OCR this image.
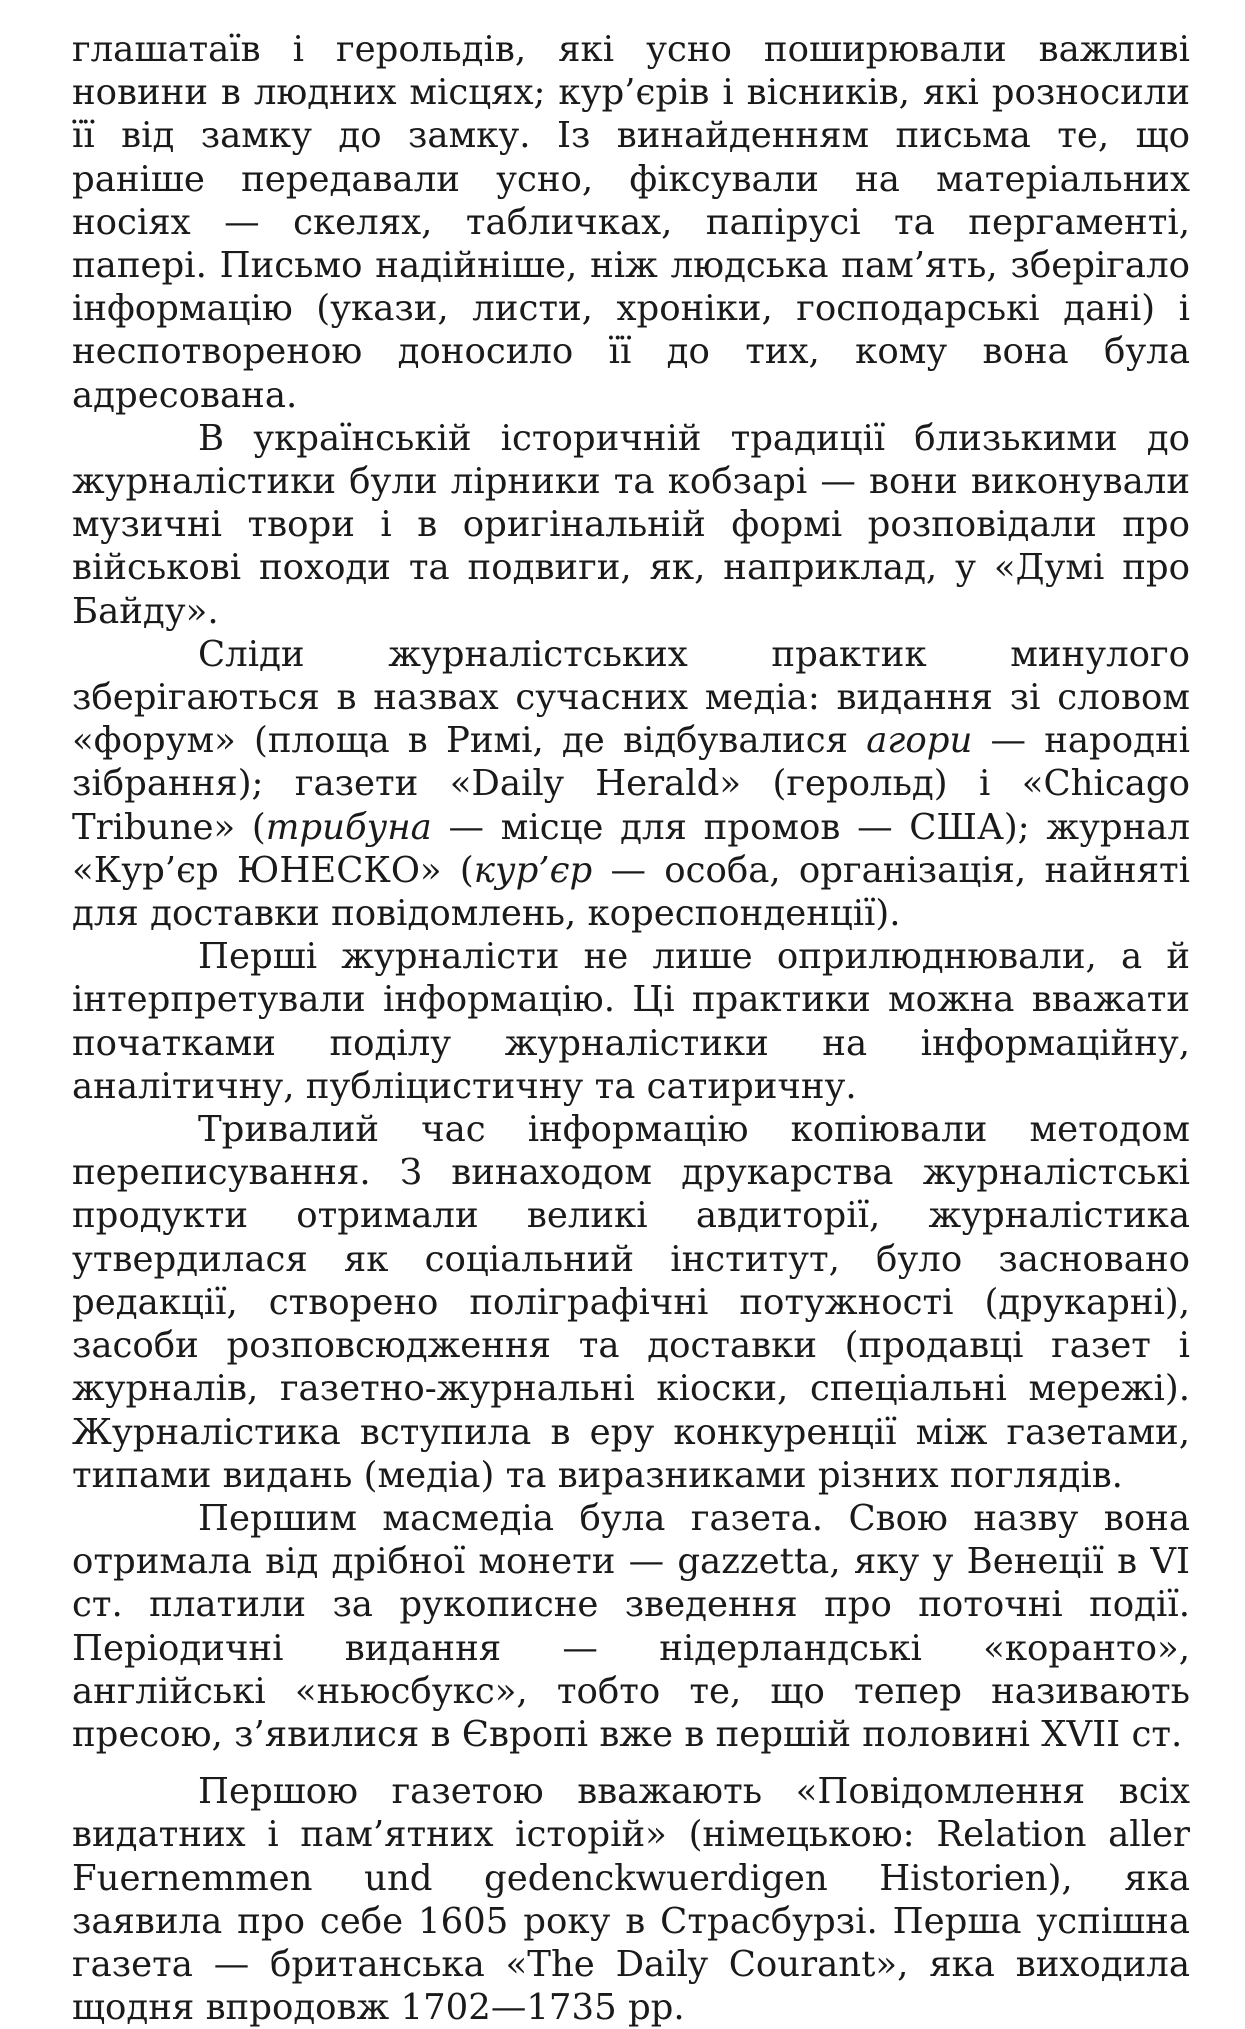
глашатаїв і герольдів, які усно поширювали важливі новини в людних місцях; кур’єрів і вісників, які розносили її від замку до замку. Із винайденням письма те, що раніше передавали усно, фіксували на матеріальних носіях — скелях, табличках, папірусі та пергаменті, папері. Письмо надійніше, ніж людська пам’ять, зберігало інформацію (укази, листи, хроніки, господарські дані) і неспотвореною доносило її до тих, кому вона була адресована.

В українській історичній традиції близькими до журналістики були лірники та кобзарі — вони виконували музичні твори і в оригінальній формі розповідали про військові походи та подвиги, як, наприклад, у «Думі про Байду».

Сліди журналістських практик минулого зберігаються в назвах сучасних медіа: видання зі словом «форум» (площа в Римі, де відбувалися агори — народні зібрання); газети «Daily Herald» (герольд) і «Chicago Tribune» (трибуна — місце для промов — США); журнал «Кур’єр ЮНЕСКО» (кур’єр — особа, організація, найняті для доставки повідомлень, кореспонденції).

Перші журналісти не лише оприлюднювали, а й інтерпретували інформацію. Ці практики можна вважати початками поділу журналістики на інформаційну, аналітичну, публіцистичну та сатиричну.

Тривалий час інформацію копіювали методом переписування. З винаходом друкарства журналістські продукти отримали великі авдиторії, журналістика утвердилася як соціальний інститут, було засновано редакції, створено поліграфічні потужності (друкарні), засоби розповсюдження та доставки (продавці газет і журналів, газетно-журнальні кіоски, спеціальні мережі). Журналістика вступила в еру конкуренції між газетами, типами видань (медіа) та виразниками різних поглядів.

Першим масмедіа була газета. Свою назву вона отримала від дрібної монети — gazzetta, яку у Венеції в VI ст. платили за рукописне зведення про поточні події. Періодичні видання — нідерландські «коранто», англійські «ньюсбукс», тобто те, що тепер називають пресою, з’явилися в Європі вже в першій половині XVII ст.

Першою газетою вважають «Повідомлення всіх видатних і пам’ятних історій» (німецькою: Relation aller Fuernemmen und gedenckwuerdigen Historien), яка заявила про себе 1605 року в Страсбурзі. Перша успішна газета — британська «The Daily Courant», яка виходила щодня впродовж 1702—1735 рр.
